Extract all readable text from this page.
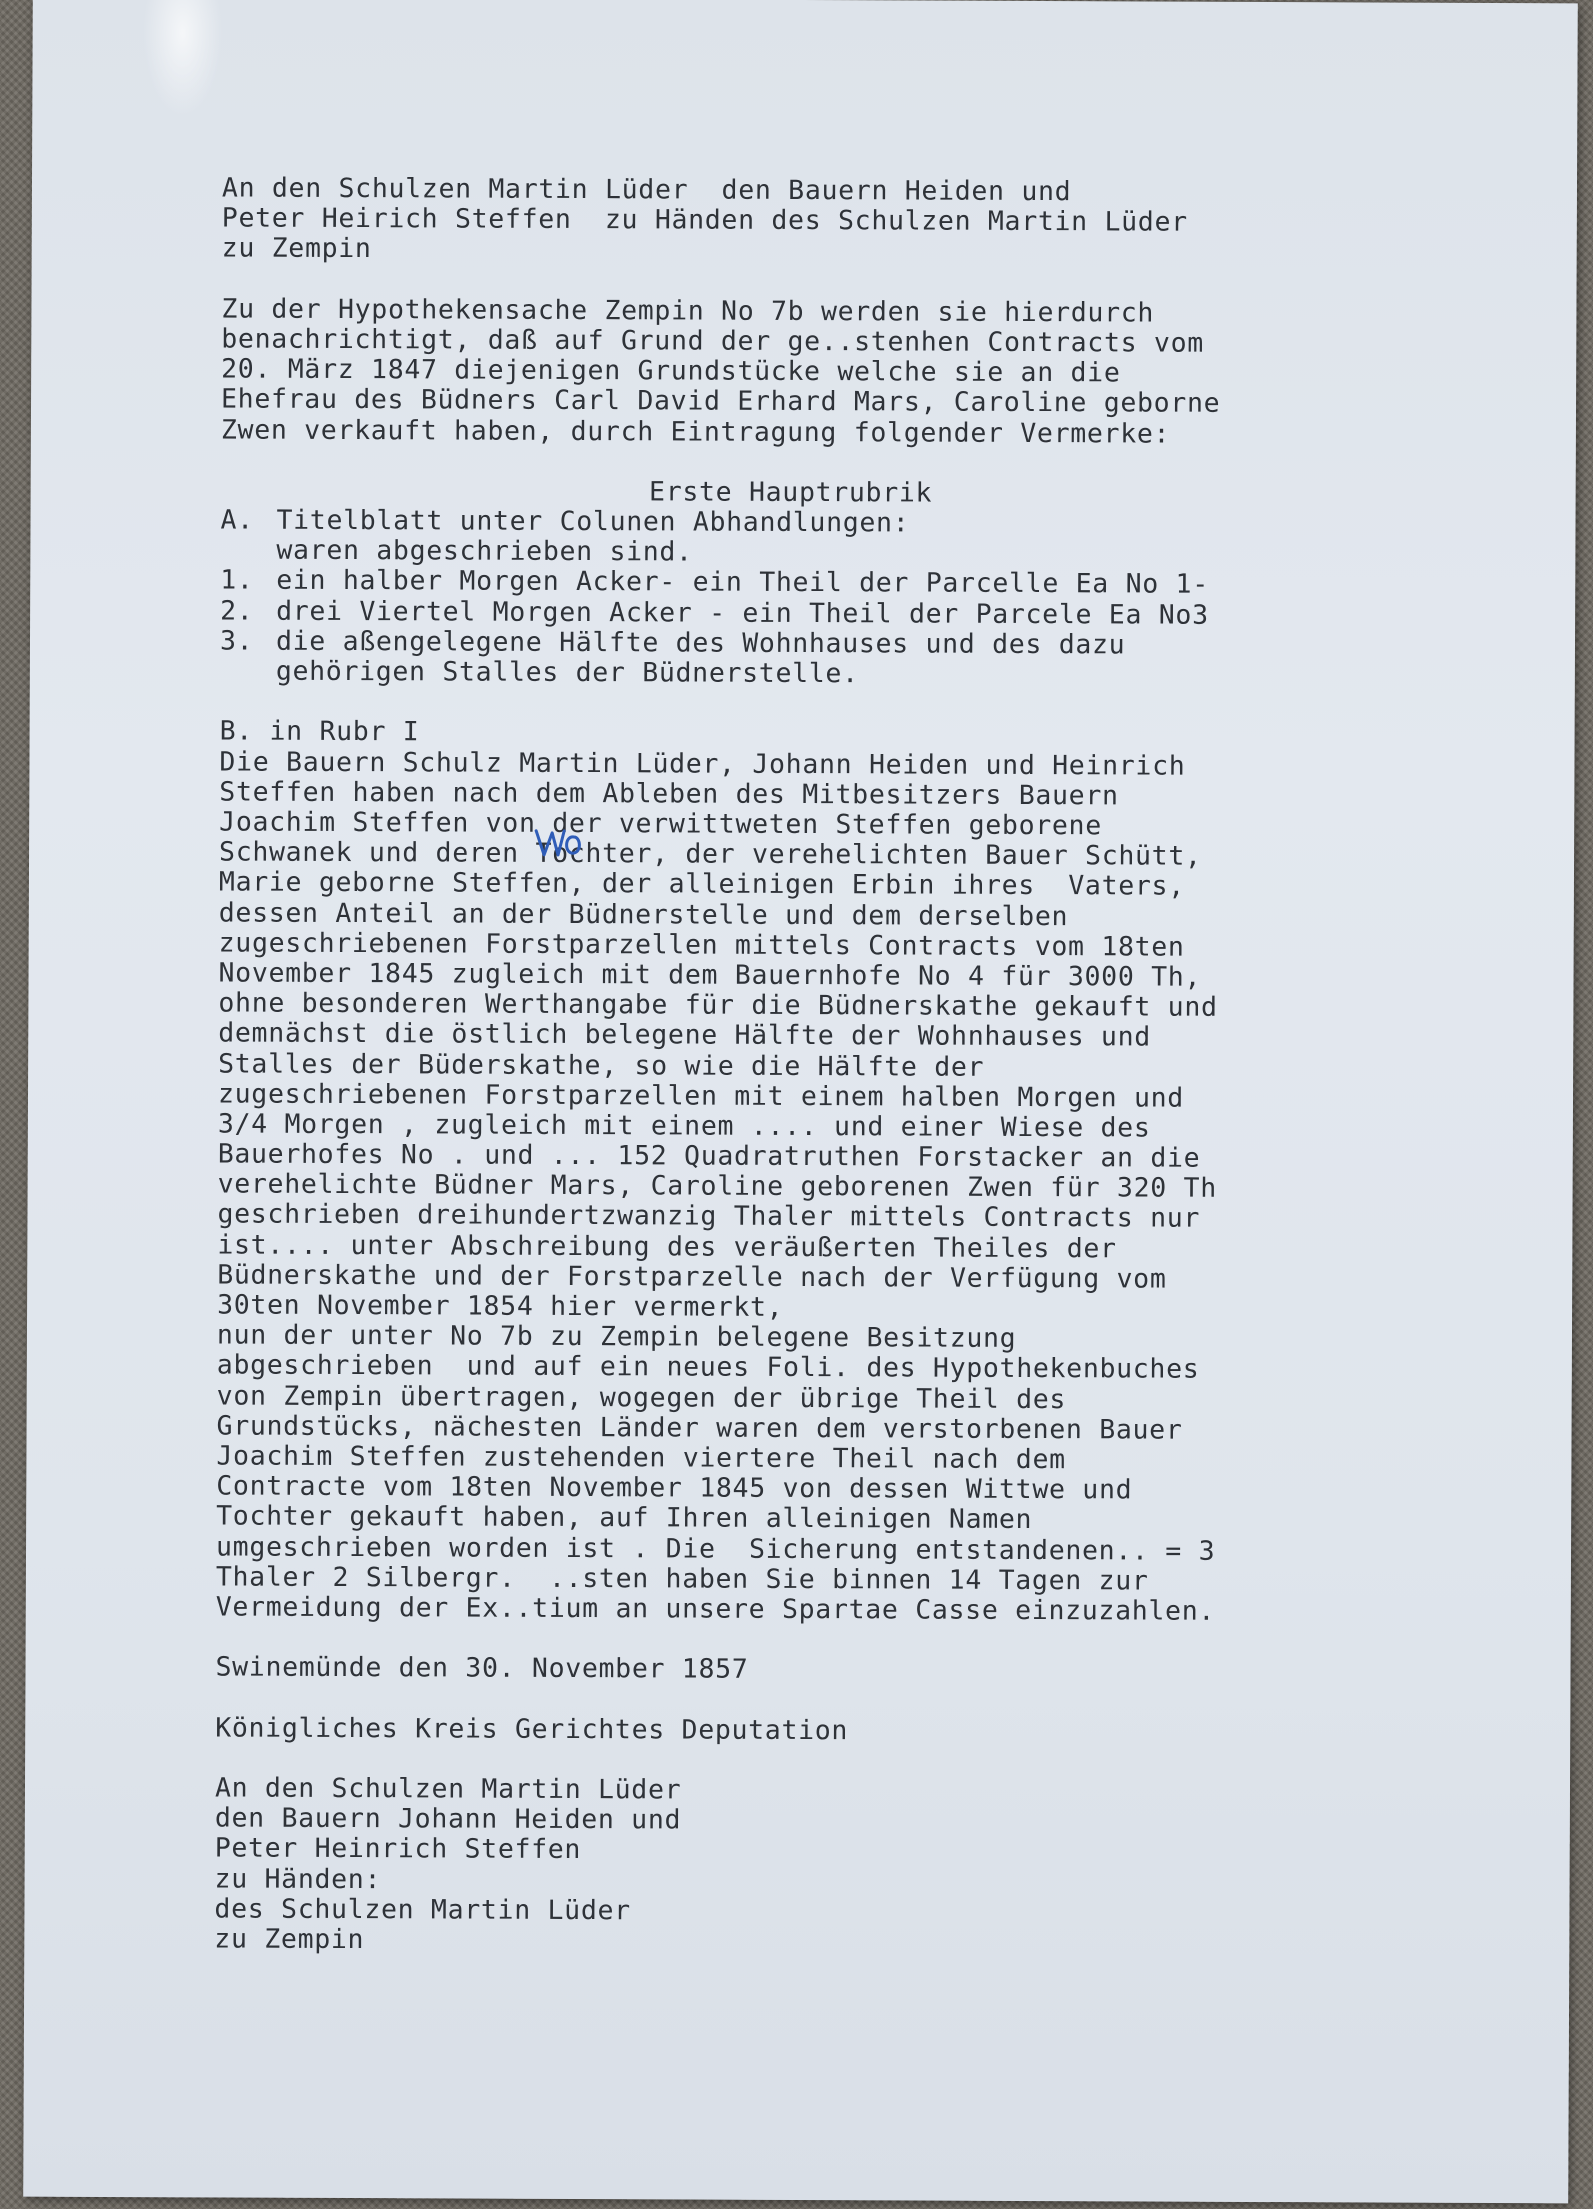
An den Schulzen Martin Lüder  den Bauern Heiden und
Peter Heirich Steffen  zu Händen des Schulzen Martin Lüder
zu Zempin
Zu der Hypothekensache Zempin No 7b werden sie hierdurch
benachrichtigt, daß auf Grund der ge..stenhen Contracts vom
20. März 1847 diejenigen Grundstücke welche sie an die
Ehefrau des Büdners Carl David Erhard Mars, Caroline geborne
Zwen verkauft haben, durch Eintragung folgender Vermerke:
Erste Hauptrubrik
A. Titelblatt unter Colunen Abhandlungen:
waren abgeschrieben sind.
1. ein halber Morgen Acker- ein Theil der Parcelle Ea No 1-
2. drei Viertel Morgen Acker - ein Theil der Parcele Ea No3
3. die aßengelegene Hälfte des Wohnhauses und des dazu
gehörigen Stalles der Büdnerstelle.
B. in Rubr I
Die Bauern Schulz Martin Lüder, Johann Heiden und Heinrich
Steffen haben nach dem Ableben des Mitbesitzers Bauern
Joachim Steffen von der verwittweten Steffen geborene
Schwanek und deren Tochter, der verehelichten Bauer Schütt,
Marie geborne Steffen, der alleinigen Erbin ihres  Vaters,
dessen Anteil an der Büdnerstelle und dem derselben
zugeschriebenen Forstparzellen mittels Contracts vom 18ten
November 1845 zugleich mit dem Bauernhofe No 4 für 3000 Th,
ohne besonderen Werthangabe für die Büdnerskathe gekauft und
demnächst die östlich belegene Hälfte der Wohnhauses und
Stalles der Büderskathe, so wie die Hälfte der
zugeschriebenen Forstparzellen mit einem halben Morgen und
3/4 Morgen , zugleich mit einem .... und einer Wiese des
Bauerhofes No . und ... 152 Quadratruthen Forstacker an die
verehelichte Büdner Mars, Caroline geborenen Zwen für 320 Th
geschrieben dreihundertzwanzig Thaler mittels Contracts nur
ist.... unter Abschreibung des veräußerten Theiles der
Büdnerskathe und der Forstparzelle nach der Verfügung vom
30ten November 1854 hier vermerkt,
nun der unter No 7b zu Zempin belegene Besitzung
abgeschrieben  und auf ein neues Foli. des Hypothekenbuches
von Zempin übertragen, wogegen der übrige Theil des
Grundstücks, nächesten Länder waren dem verstorbenen Bauer
Joachim Steffen zustehenden viertere Theil nach dem
Contracte vom 18ten November 1845 von dessen Wittwe und
Tochter gekauft haben, auf Ihren alleinigen Namen
umgeschrieben worden ist . Die  Sicherung entstandenen.. = 3
Thaler 2 Silbergr.  ..sten haben Sie binnen 14 Tagen zur
Vermeidung der Ex..tium an unsere Spartae Casse einzuzahlen.
Swinemünde den 30. November 1857
Königliches Kreis Gerichtes Deputation
An den Schulzen Martin Lüder
den Bauern Johann Heiden und
Peter Heinrich Steffen
zu Händen:
des Schulzen Martin Lüder
zu Zempin
